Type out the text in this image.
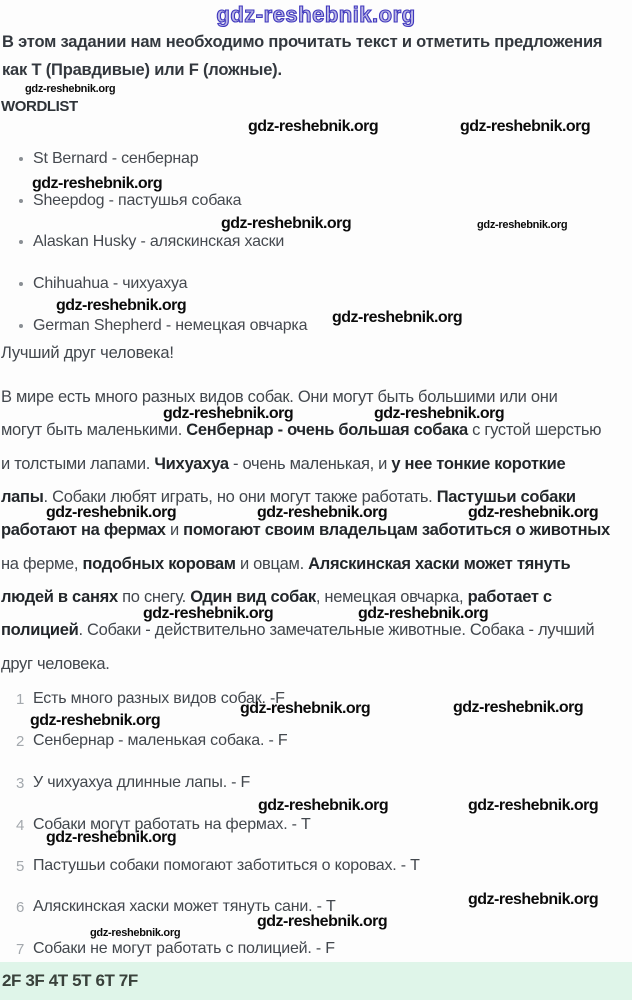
gdz-reshebnik.org
gdz-reshebnik.org
gdz-reshebnik.org	gdz-reshebnik.org
gdz-reshebnik.org
gdz-reshebnik.org	gdz-reshebnik.org
gdz-reshebnik.org
gdz-reshebnik.org
gdz-reshebnik.org	gdz-reshebnik.org
gdz-reshebnik.org	gdz-reshebnik.org	gdz-reshebnik.org
gdz-reshebnik.org	gdz-reshebnik.org
gdz-reshebnik.org	gdz-reshebnik.org
gdz-reshebnik.org
gdz-reshebnik.org	gdz-reshebnik.org
gdz-reshebnik.org
gdz-reshebnik.org
gdz-reshebnik.org
gdz-reshebnik.org

В этом задании нам необходимо прочитать текст и отметить предложения

как T (Правдивые) или F (ложные).

WORDLIST
St Bernard - сенбернар
Sheepdog - пастушья собака
Alaskan Husky - аляскинская хаски
Chihuahua - чихуахуа
German Shepherd - немецкая овчарка

Лучший друг человека!

В мире есть много разных видов собак. Они могут быть большими или они
могут быть маленькими. Сенбернар - очень большая собака с густой шерстью
и толстыми лапами. Чихуахуа - очень маленькая, и у нее тонкие короткие
лапы. Собаки любят играть, но они могут также работать. Пастушьи собаки
работают на фермах и помогают своим владельцам заботиться о животных
на ферме, подобных коровам и овцам. Аляскинская хаски может тянуть
людей в санях по снегу. Один вид собак, немецкая овчарка, работает с
полицией. Собаки - действительно замечательные животные. Собака - лучший
друг человека.
1 Есть много разных видов собак. -F
2 Сенбернар - маленькая собака. - F
3 У чихуахуа длинные лапы. - F
4 Собаки могут работать на фермах. - Т
5 Пастушьи собаки помогают заботиться о коровах. - Т
6 Аляскинская хаски может тянуть сани. - Т
7 Собаки не могут работать с полицией. - F
2F 3F 4T 5T 6T 7F
